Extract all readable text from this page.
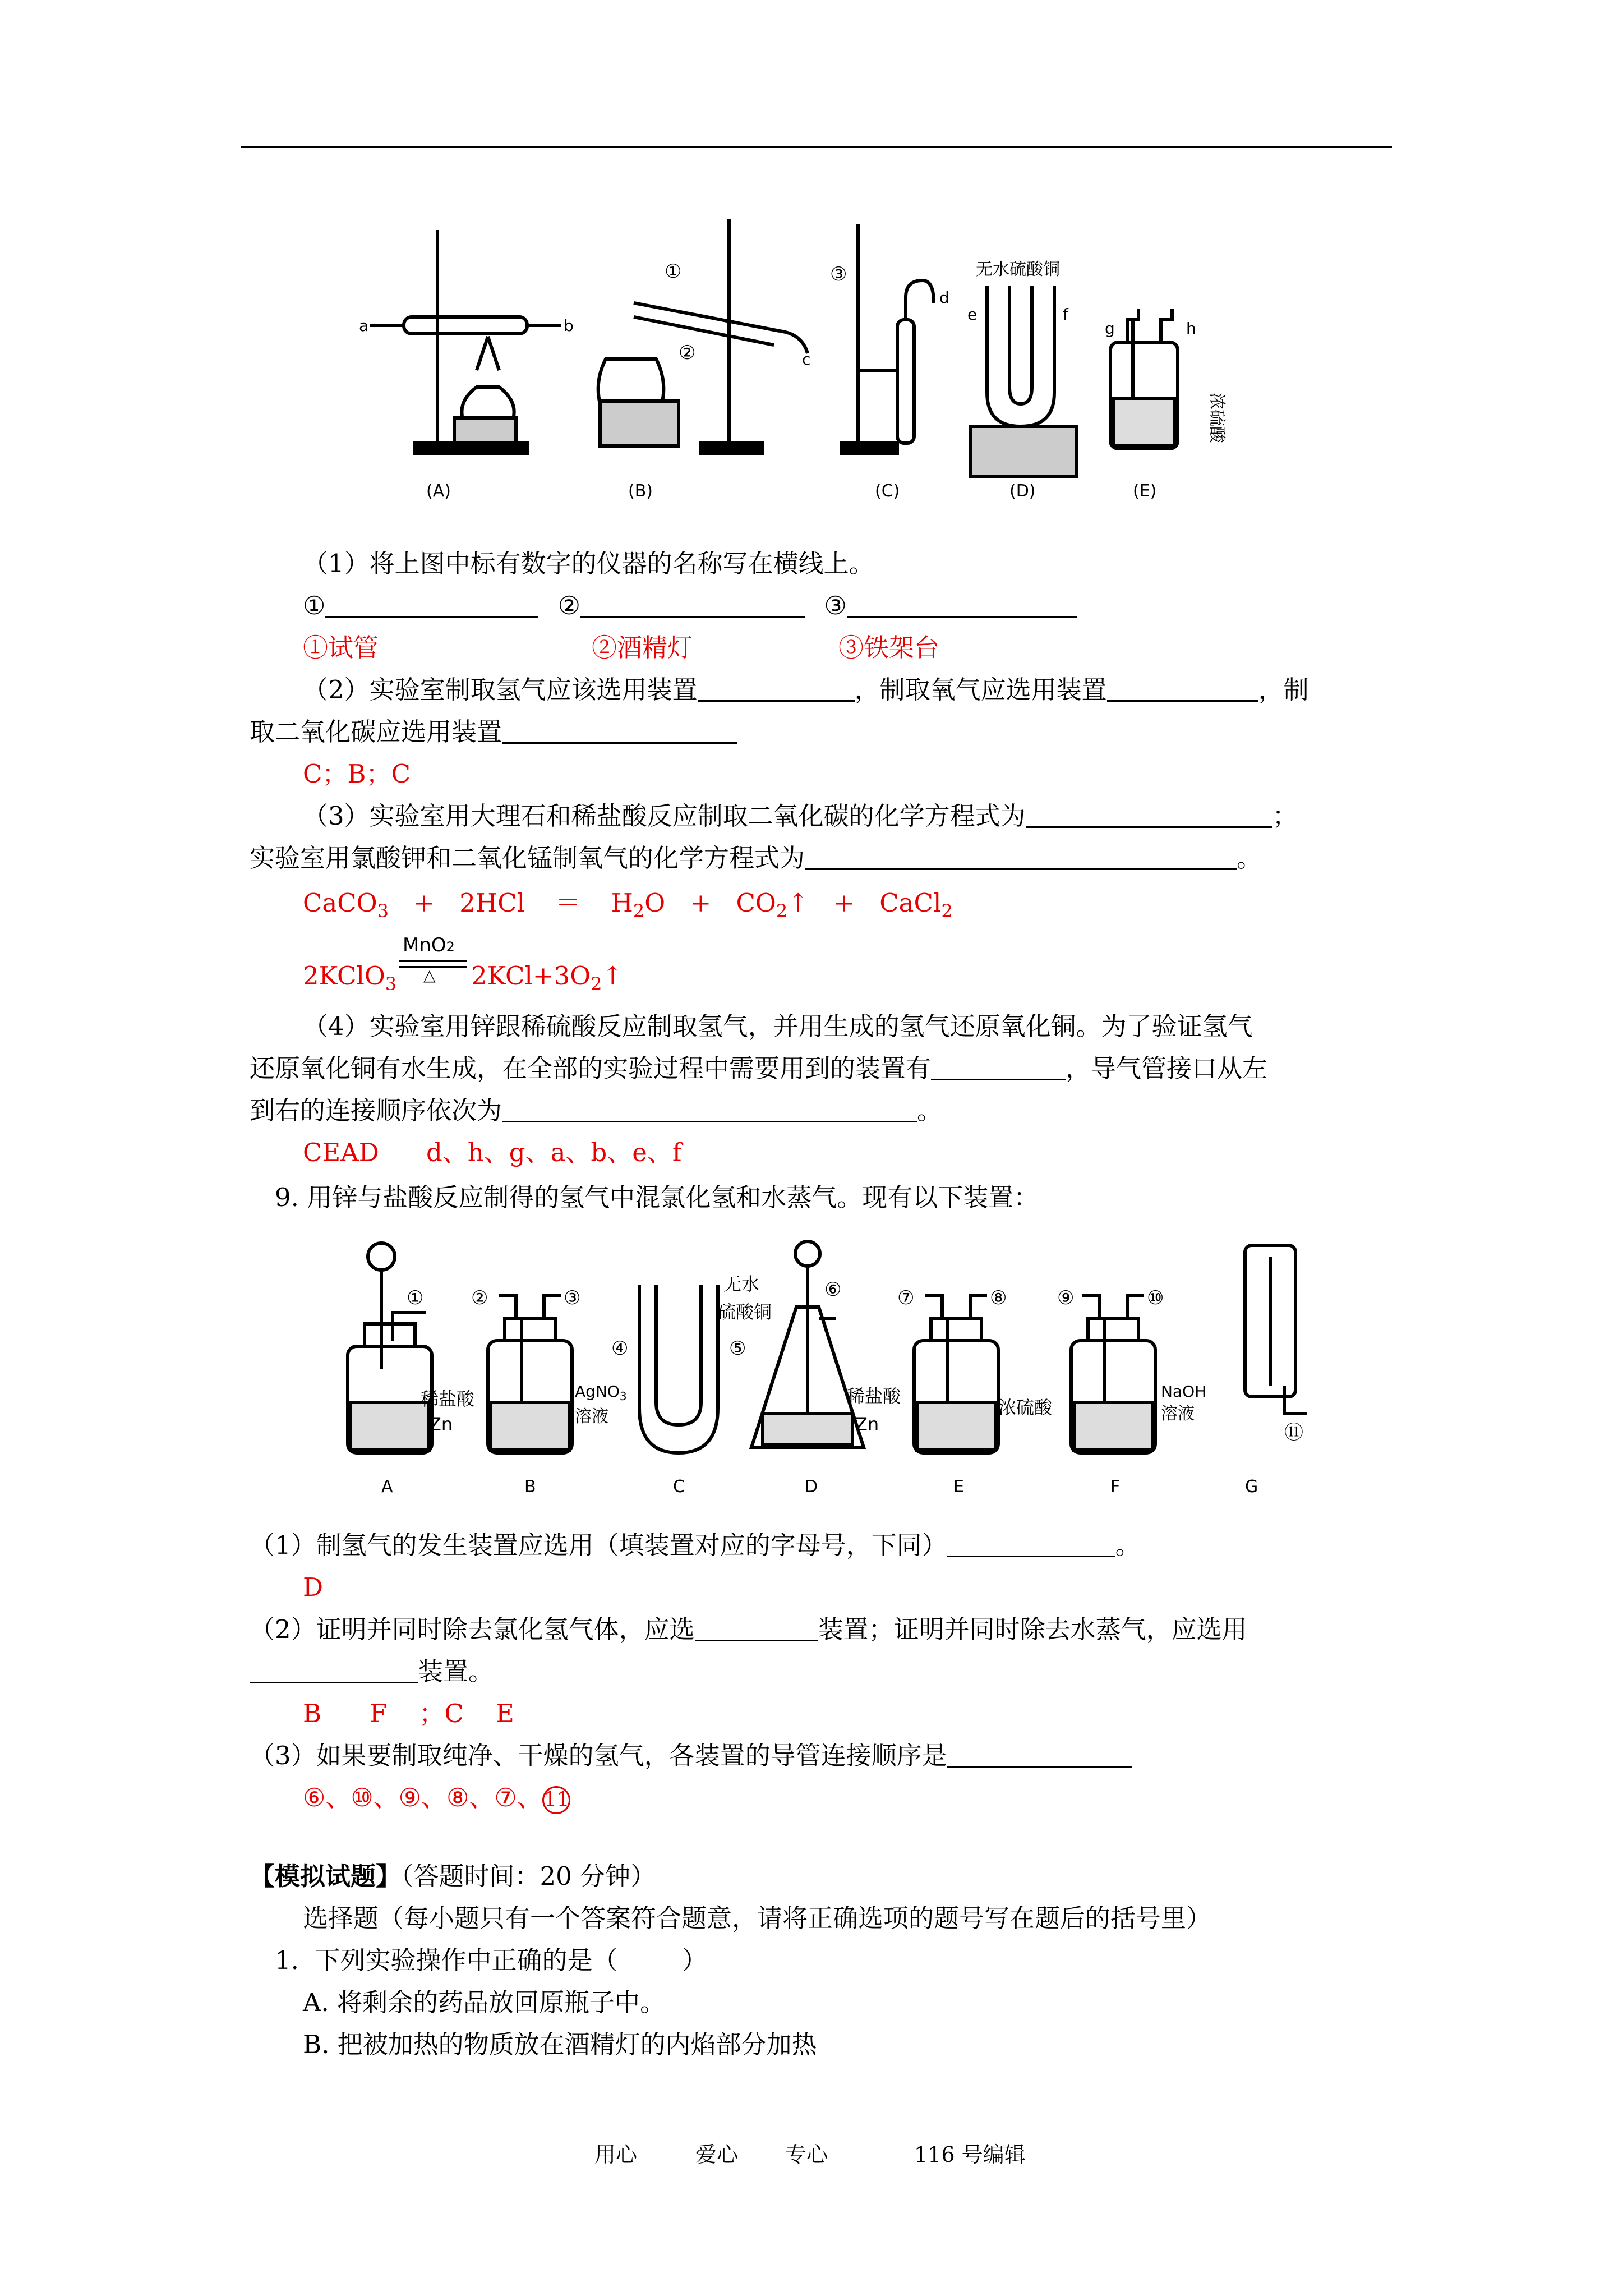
a	b
c
d
e	f
g	h
①
②
③	无水硫酸铜
浓硫酸
(A)	(B)	(C)	(D)	(E)
（1）将上图中标有数字的仪器的名称写在横线上。
①	②	③
①试管	②酒精灯	③铁架台
（2）实验室制取氢气应该选用装置	，制取氧气应选用装置	，制
取二氧化碳应选用装置
C；B；C
（3）实验室用大理石和稀盐酸反应制取二氧化碳的化学方程式为	；
实验室用氯酸钾和二氧化锰制氧气的化学方程式为	。
CaCO$_3$ + $2HCl = H_2O$ + $CO_2↑$ + CaCl$_2$
MnO2
△
2KClO$_3$	$2KCl+3O_2↑$
（4）实验室用锌跟稀硫酸反应制取氢气，并用生成的氢气还原氧化铜。为了验证氢气
还原氧化铜有水生成，在全部的实验过程中需要用到的装置有	，导气管接口从左
到右的连接顺序依次为	。
CEAD d、h、g、a、b、e、f
9. 用锌与盐酸反应制得的氢气中混氯化氢和水蒸气。现有以下装置：
① ②	③
④	⑤
⑥	⑦	⑧	⑨	⑩
⑪
稀盐酸
Zn
AgNO$_3$
溶液
无水
硫酸铜
稀盐酸
Zn
浓硫酸
NaOH
溶液
A	B	C	D	E	F	G
（1）制氢气的发生装置应选用（填装置对应的字母号，下同）	。
D
（2）证明并同时除去氯化氢气体，应选	装置；证明并同时除去水蒸气，应选用
装置。
B      F    ；C    E
（3）如果要制取纯净、干燥的氢气，各装置的导管连接顺序是
⑥、⑩、⑨、⑧、⑦、11
【模拟试题】（答题时间：20 分钟）
选择题（每小题只有一个答案符合题意，请将正确选项的题号写在题后的括号里）
1.  下列实验操作中正确的是（        ）
A. 将剩余的药品放回原瓶子中。
B. 把被加热的物质放在酒精灯的内焰部分加热
用心	爱心 专心	116 号编辑
